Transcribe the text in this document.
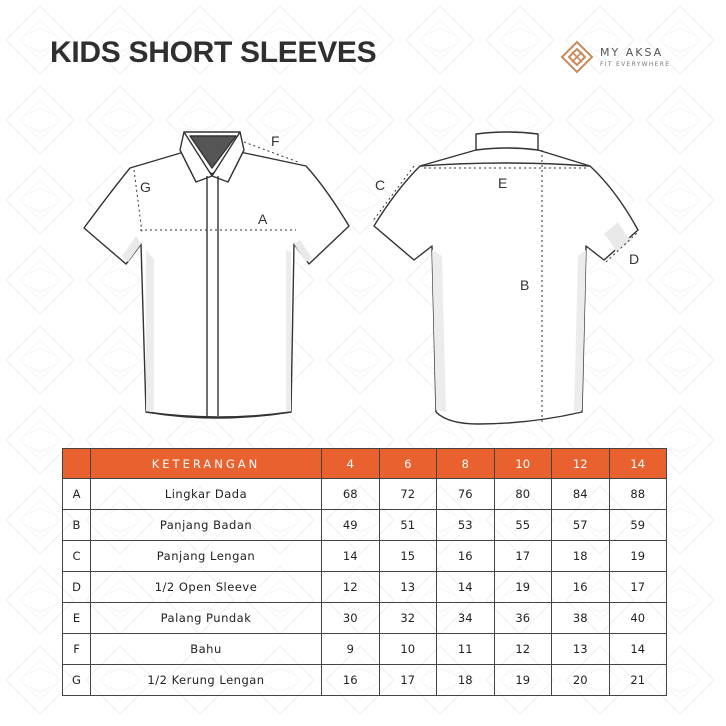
KIDS SHORT SLEEVES	MY AKSA
FIT EVERYWHERE
A
F
G
B
C
D
E
	KETERANGAN	4	6	8	10	12	14
A	Lingkar Dada	68	72	76	80	84	88
B	Panjang Badan	49	51	53	55	57	59
C	Panjang Lengan	14	15	16	17	18	19
D	1/2 Open Sleeve	12	13	14	19	16	17
E	Palang Pundak	30	32	34	36	38	40
F	Bahu	9	10	11	12	13	14
G	1/2 Kerung Lengan	16	17	18	19	20	21
